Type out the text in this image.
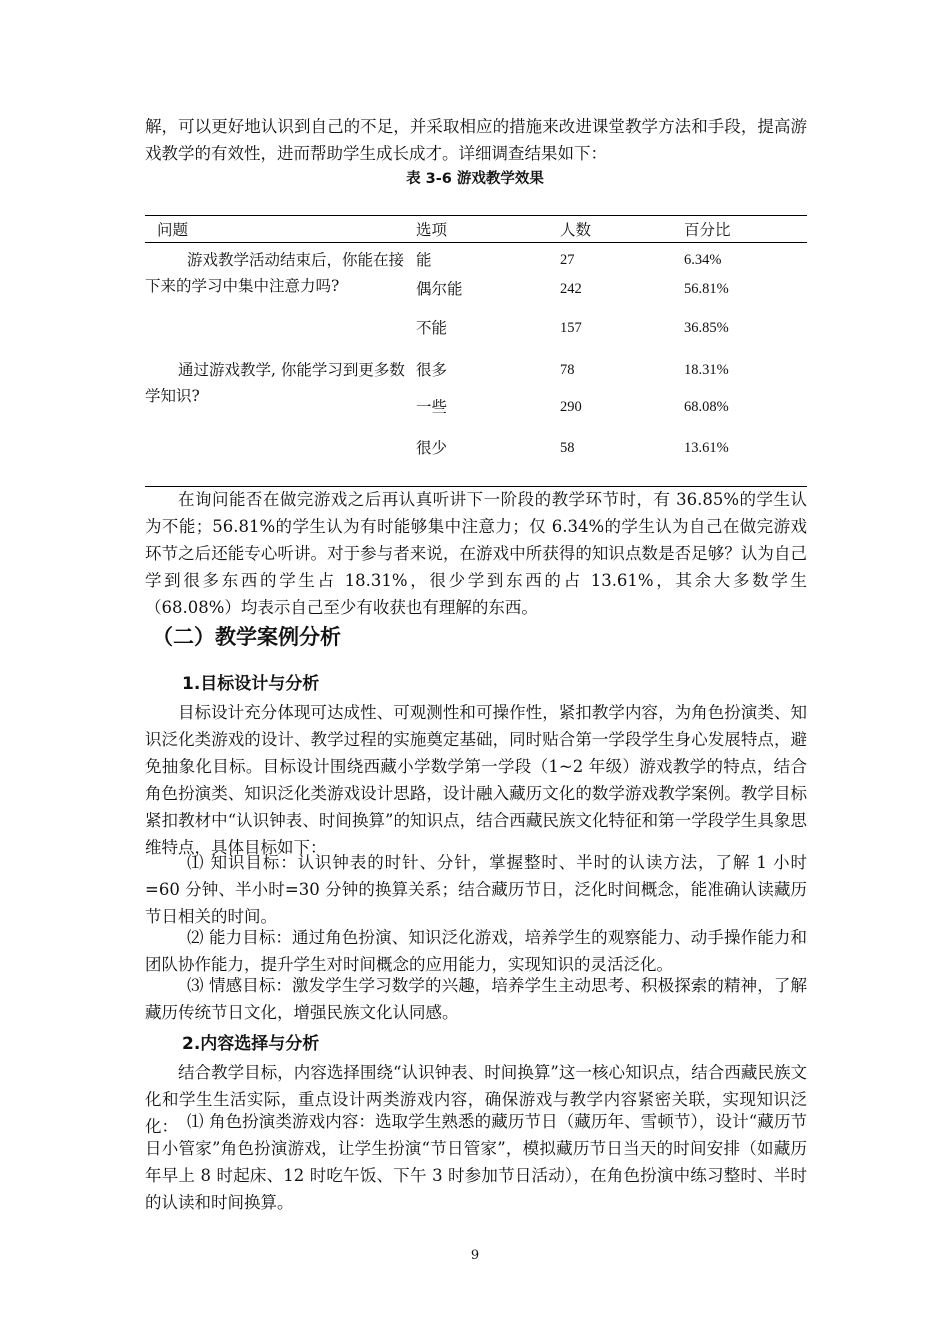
解，可以更好地认识到自己的不足，并采取相应的措施来改进课堂教学方法和手段，提高游戏教学的有效性，进而帮助学生成长成才。详细调查结果如下：

表 3-6 游戏教学效果
问题	选项	人数	百分比
游戏教学活动结束后，你能在接下来的学习中集中注意力吗?
能	27	6.34%
偶尔能	242	56.81%
不能	157	36.85%
通过游戏教学, 你能学习到更多数学知识?
很多	78	18.31%
一些	290	68.08%
很少	58	13.61%

在询问能否在做完游戏之后再认真听讲下一阶段的教学环节时，有 36.85%的学生认为不能；56.81%的学生认为有时能够集中注意力；仅 6.34%的学生认为自己在做完游戏环节之后还能专心听讲。对于参与者来说，在游戏中所获得的知识点数是否足够？认为自己学到很多东西的学生占 18.31%，很少学到东西的占 13.61%，其余大多数学生（68.08%）均表示自己至少有收获也有理解的东西。

（二）教学案例分析
1.目标设计与分析

目标设计充分体现可达成性、可观测性和可操作性，紧扣教学内容，为角色扮演类、知识泛化类游戏的设计、教学过程的实施奠定基础，同时贴合第一学段学生身心发展特点，避免抽象化目标。目标设计围绕西藏小学数学第一学段（1~2 年级）游戏教学的特点，结合角色扮演类、知识泛化类游戏设计思路，设计融入藏历文化的数学游戏教学案例。教学目标紧扣教材中“认识钟表、时间换算”的知识点，结合西藏民族文化特征和第一学段学生具象思维特点，具体目标如下：

⑴ 知识目标：认识钟表的时针、分针，掌握整时、半时的认读方法，了解 1 小时=60 分钟、半小时=30 分钟的换算关系；结合藏历节日，泛化时间概念，能准确认读藏历节日相关的时间。

⑵ 能力目标：通过角色扮演、知识泛化游戏，培养学生的观察能力、动手操作能力和团队协作能力，提升学生对时间概念的应用能力，实现知识的灵活泛化。

⑶ 情感目标：激发学生学习数学的兴趣，培养学生主动思考、积极探索的精神，了解藏历传统节日文化，增强民族文化认同感。

2.内容选择与分析

结合教学目标，内容选择围绕“认识钟表、时间换算”这一核心知识点，结合西藏民族文化和学生生活实际，重点设计两类游戏内容，确保游戏与教学内容紧密关联，实现知识泛化： ⑴ 角色扮演类游戏内容：选取学生熟悉的藏历节日（藏历年、雪顿节），设计“藏历节日小管家”角色扮演游戏，让学生扮演“节日管家”，模拟藏历节日当天的时间安排（如藏历年早上 8 时起床、12 时吃午饭、下午 3 时参加节日活动），在角色扮演中练习整时、半时的认读和时间换算。

9
